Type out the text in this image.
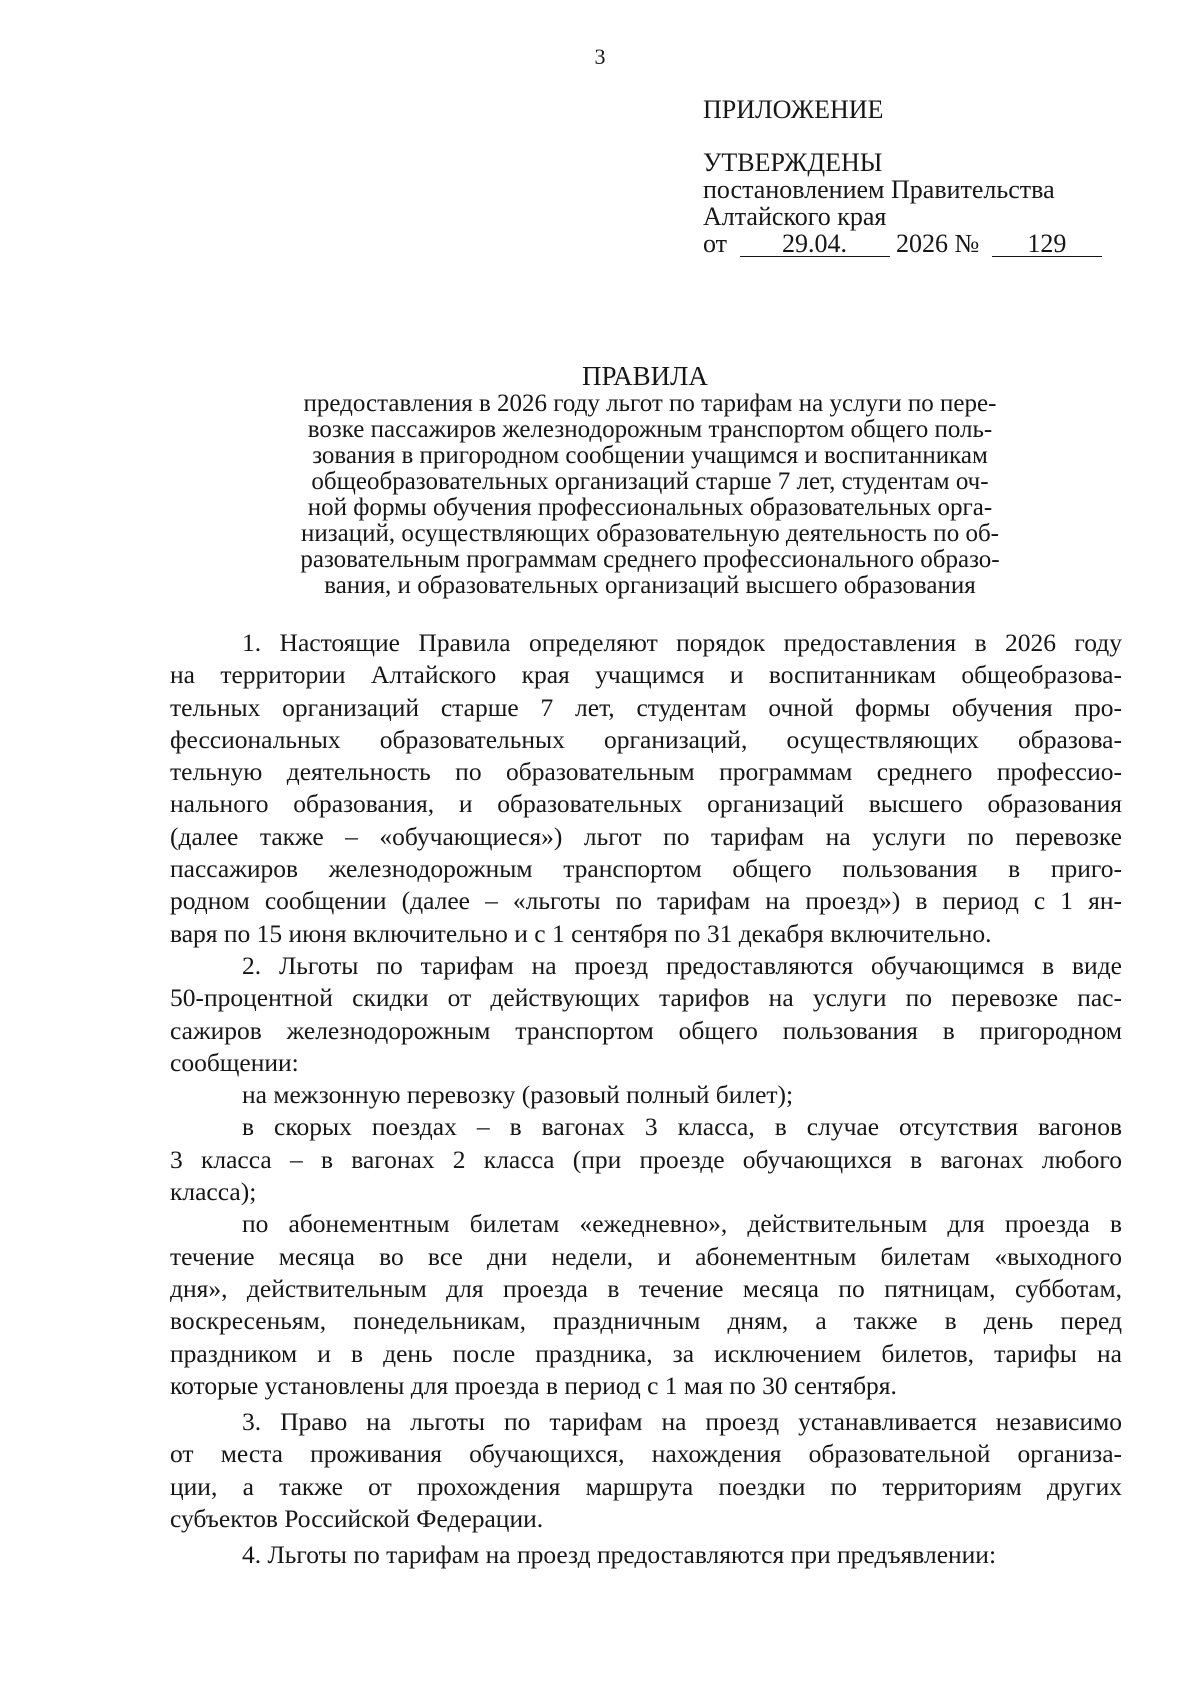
3
ПРИЛОЖЕНИЕ
УТВЕРЖДЕНЫ
постановлением Правительства
Алтайского края
от 29.04. 2026 № 129
ПРАВИЛА
предоставления в 2026 году льгот по тарифам на услуги по пере-
возке пассажиров железнодорожным транспортом общего поль-
зования в пригородном сообщении учащимся и воспитанникам
общеобразовательных организаций старше 7 лет, студентам оч-
ной формы обучения профессиональных образовательных орга-
низаций, осуществляющих образовательную деятельность по об-
разовательным программам среднего профессионального образо-
вания, и образовательных организаций высшего образования
1. Настоящие Правила определяют порядок предоставления в 2026 году
на территории Алтайского края учащимся и воспитанникам общеобразова-
тельных организаций старше 7 лет, студентам очной формы обучения про-
фессиональных образовательных организаций, осуществляющих образова-
тельную деятельность по образовательным программам среднего профессио-
нального образования, и образовательных организаций высшего образования
(далее также – «обучающиеся») льгот по тарифам на услуги по перевозке
пассажиров железнодорожным транспортом общего пользования в приго-
родном сообщении (далее – «льготы по тарифам на проезд») в период с 1 ян-
варя по 15 июня включительно и с 1 сентября по 31 декабря включительно.
2. Льготы по тарифам на проезд предоставляются обучающимся в виде
50-процентной скидки от действующих тарифов на услуги по перевозке пас-
сажиров железнодорожным транспортом общего пользования в пригородном
сообщении:
на межзонную перевозку (разовый полный билет);
в скорых поездах – в вагонах 3 класса, в случае отсутствия вагонов
3 класса – в вагонах 2 класса (при проезде обучающихся в вагонах любого
класса);
по абонементным билетам «ежедневно», действительным для проезда в
течение месяца во все дни недели, и абонементным билетам «выходного
дня», действительным для проезда в течение месяца по пятницам, субботам,
воскресеньям, понедельникам, праздничным дням, а также в день перед
праздником и в день после праздника, за исключением билетов, тарифы на
которые установлены для проезда в период с 1 мая по 30 сентября.
3. Право на льготы по тарифам на проезд устанавливается независимо
от места проживания обучающихся, нахождения образовательной организа-
ции, а также от прохождения маршрута поездки по территориям других
субъектов Российской Федерации.
4. Льготы по тарифам на проезд предоставляются при предъявлении:
